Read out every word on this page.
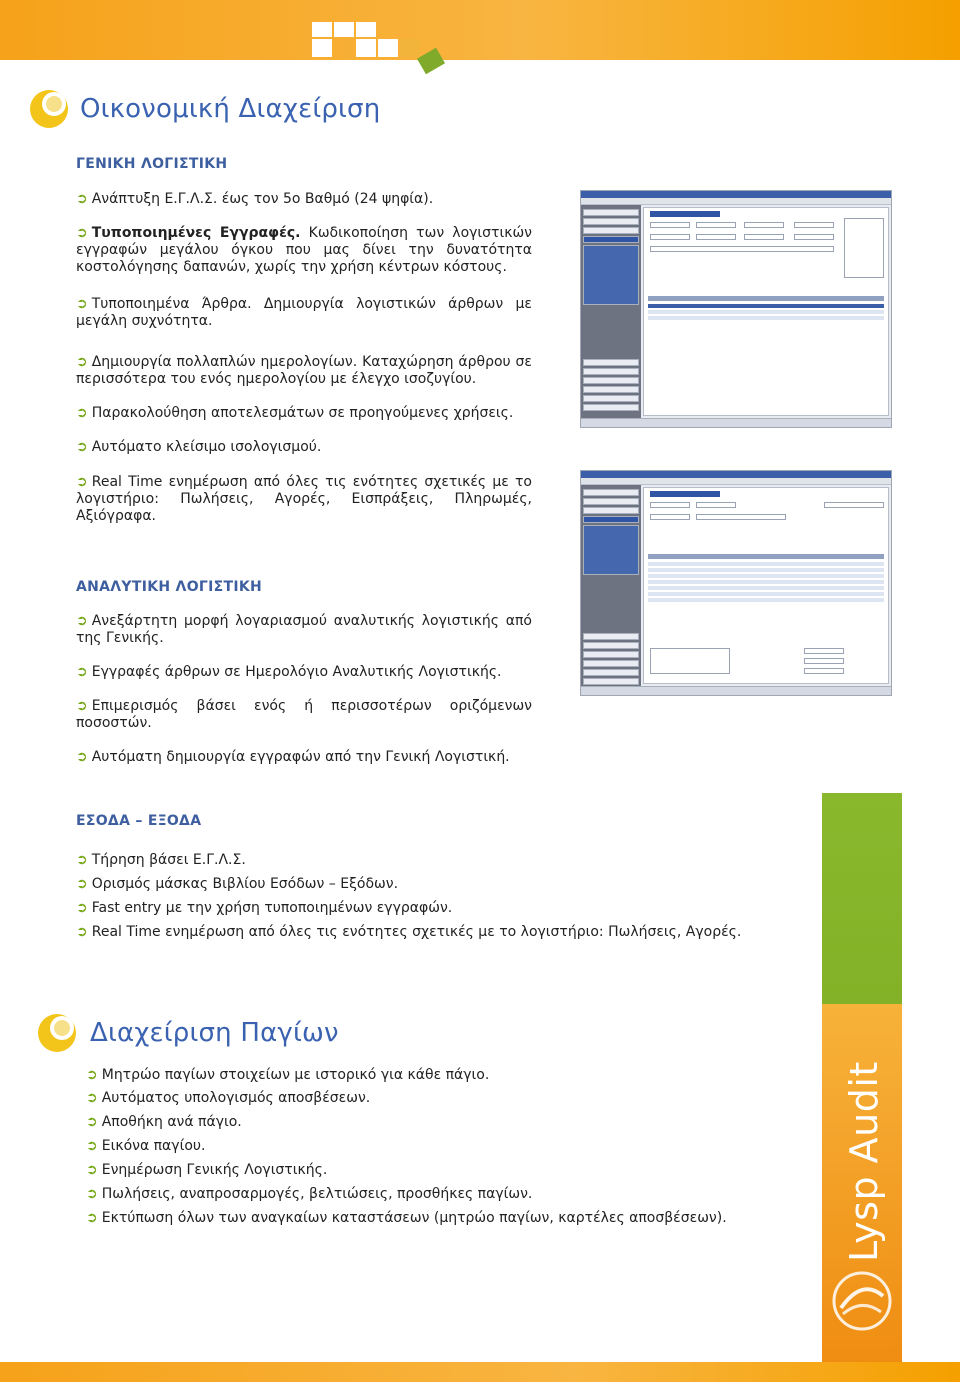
Οικονομική Διαχείριση
ΓΕΝΙΚΗ ΛΟΓΙΣΤΙΚΗ
➲ Ανάπτυξη Ε.Γ.Λ.Σ. έως τον 5ο Βαθμό (24 ψηφία).
➲ Τυποποιημένες Εγγραφές. Κωδικοποίηση των λογιστικών εγγραφών μεγάλου όγκου που μας δίνει την δυνατότητα κοστολόγησης δαπανών, χωρίς την χρήση κέντρων κόστους.
➲ Τυποποιημένα Άρθρα. Δημιουργία λογιστικών άρθρων με μεγάλη συχνότητα.
➲ Δημιουργία πολλαπλών ημερολογίων. Καταχώρηση άρθρου σε περισσότερα του ενός ημερολογίου με έλεγχο ισοζυγίου.
➲ Παρακολούθηση αποτελεσμάτων σε προηγούμενες χρήσεις.
➲ Αυτόματο κλείσιμο ισολογισμού.
➲ Real Time ενημέρωση από όλες τις ενότητες σχετικές με το λογιστήριο: Πωλήσεις, Αγορές, Εισπράξεις, Πληρωμές, Αξιόγραφα.
ΑΝΑΛΥΤΙΚΗ ΛΟΓΙΣΤΙΚΗ
➲ Ανεξάρτητη μορφή λογαριασμού αναλυτικής λογιστικής από της Γενικής.
➲ Εγγραφές άρθρων σε Ημερολόγιο Αναλυτικής Λογιστικής.
➲ Επιμερισμός βάσει ενός ή περισσοτέρων οριζόμενων ποσοστών.
➲ Αυτόματη δημιουργία εγγραφών από την Γενική Λογιστική.
ΕΣΟΔΑ – ΕΞΟΔΑ
➲ Τήρηση βάσει Ε.Γ.Λ.Σ.
➲ Ορισμός μάσκας Βιβλίου Εσόδων – Εξόδων.
➲ Fast entry με την χρήση τυποποιημένων εγγραφών.
➲ Real Time ενημέρωση από όλες τις ενότητες σχετικές με το λογιστήριο: Πωλήσεις, Αγορές.
Διαχείριση Παγίων
➲ Μητρώο παγίων στοιχείων με ιστορικό για κάθε πάγιο.
➲ Αυτόματος υπολογισμός αποσβέσεων.
➲ Αποθήκη ανά πάγιο.
➲ Εικόνα παγίου.
➲ Ενημέρωση Γενικής Λογιστικής.
➲ Πωλήσεις, αναπροσαρμογές, βελτιώσεις, προσθήκες παγίων.
➲ Εκτύπωση όλων των αναγκαίων καταστάσεων (μητρώο παγίων, καρτέλες αποσβέσεων).	Lysp Audit
